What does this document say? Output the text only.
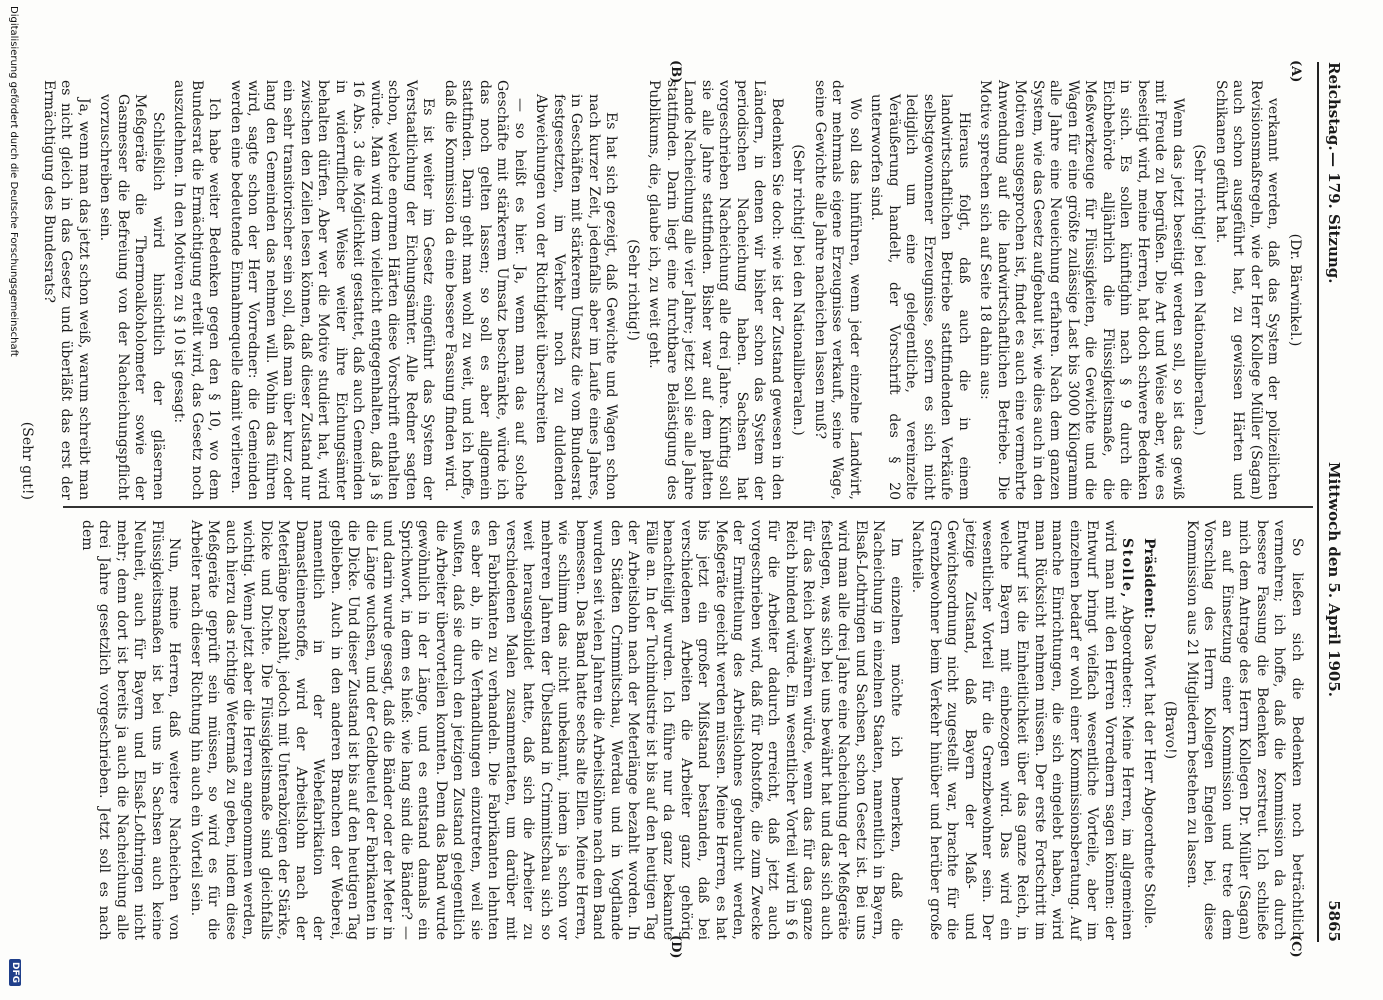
Reichstag.
— 179. Sitzung.
Mittwoch den 5. April 1905.
5865
(A)
(B)
(C)
(D)

(Dr. Bärwinkel.)

verkannt werden, daß das System der polizeilichen Revisionsmaßregeln, wie der Herr Kollege Müller (Sagan) auch schon ausgeführt hat, zu gewissen Härten und Schikanen geführt hat.

(Sehr richtig! bei den Nationalliberalen.)

Wenn das jetzt beseitigt werden soll, so ist das gewiß mit Freude zu begrüßen. Die Art und Weise aber, wie es beseitigt wird, meine Herren, hat doch schwere Bedenken in sich. Es sollen künftighin nach § 9 durch die Eichbehörde alljährlich die Flüssigkeitsmaße, die Meßwerkzeuge für Flüssigkeiten, die Gewichte und die Wagen für eine größte zulässige Last bis 3000 Kilogramm alle Jahre eine Neueichung erfahren. Nach dem ganzen System, wie das Gesetz aufgebaut ist, wie dies auch in den Motiven ausgesprochen ist, findet es auch eine vermehrte Anwendung auf die landwirtschaftlichen Betriebe. Die Motive sprechen sich auf Seite 18 dahin aus:

Hieraus folgt, daß auch die in einem landwirtschaftlichen Betriebe stattfindenden Verkäufe selbstgewonnener Erzeugnisse, sofern es sich nicht lediglich um eine gelegentliche, vereinzelte Veräußerung handelt, der Vorschrift des § 20 unterworfen sind.

Wo soll das hinführen, wenn jeder einzelne Landwirt, der mehrmals eigene Erzeugnisse verkauft, seine Wage, seine Gewichte alle Jahre nacheichen lassen muß?

(Sehr richtig! bei den Nationalliberalen.)

Bedenken Sie doch: wie ist der Zustand gewesen in den Ländern, in denen wir bisher schon das System der periodischen Nacheichung haben. Sachsen hat vorgeschrieben Nacheichung alle drei Jahre. Künftig soll sie alle Jahre stattfinden. Bisher war auf dem platten Lande Nacheichung alle vier Jahre; jetzt soll sie alle Jahre stattfinden. Darin liegt eine furchtbare Belästigung des Publikums, die, glaube ich, zu weit geht.

(Sehr richtig!)

Es hat sich gezeigt, daß Gewichte und Wagen schon nach kurzer Zeit, jedenfalls aber im Laufe eines Jahres, in Geschäften mit stärkerem Umsatz die vom Bundesrat festgesetzten, im Verkehr noch zu duldenden Abweichungen von der Richtigkeit überschreiten

— so heißt es hier. Ja, wenn man das auf solche Geschäfte mit stärkerem Umsatz beschränkte, würde ich das noch gelten lassen; so soll es aber allgemein stattfinden. Darin geht man wohl zu weit, und ich hoffe, daß die Kommission da eine bessere Fassung finden wird.

Es ist weiter im Gesetz eingeführt das System der Verstaatlichung der Eichungsämter. Alle Redner sagten schon, welche enormen Härten diese Vorschrift enthalten würde. Man wird dem vielleicht entgegenhalten, daß ja § 16 Abs. 3 die Möglichkeit gestattet, daß auch Gemeinden in widerruflicher Weise weiter ihre Eichungsämter behalten dürfen. Aber wer die Motive studiert hat, wird zwischen den Zeilen lesen können, daß dieser Zustand nur ein sehr transitorischer sein soll, daß man über kurz oder lang den Gemeinden das nehmen will. Wohin das führen wird, sagte schon der Herr Vorredner: die Gemeinden werden eine bedeutende Einnahmequelle damit verlieren.

Ich habe weiter Bedenken gegen den § 10, wo dem Bundesrat die Ermächtigung erteilt wird, das Gesetz noch auszudehnen. In den Motiven zu § 10 ist gesagt:

Schließlich wird hinsichtlich der gläsernen Meßgeräte die Thermoalkoholometer sowie der Gasmesser die Befreiung von der Nacheichungspflicht vorzuschreiben sein.

Ja, wenn man das jetzt schon weiß, warum schreibt man es nicht gleich in das Gesetz und überläßt das erst der Ermächtigung des Bundesrats?

(Sehr gut!)

So ließen sich die Bedenken noch beträchtlich vermehren; ich hoffe, daß die Kommission da durch bessere Fassung die Bedenken zerstreut. Ich schließe mich dem Antrage des Herrn Kollegen Dr. Müller (Sagan) an auf Einsetzung einer Kommission und trete dem Vorschlag des Herrn Kollegen Engelen bei, diese Kommission aus 21 Mitgliedern bestehen zu lassen.

(Bravo!)

Präsident: Das Wort hat der Herr Abgeordnete Stolle.

Stolle, Abgeordneter: Meine Herren, im allgemeinen wird man mit den Herren Vorrednern sagen können: der Entwurf bringt vielfach wesentliche Vorteile, aber im einzelnen bedarf er wohl einer Kommissionsberatung. Auf manche Einrichtungen, die sich eingelebt haben, wird man Rücksicht nehmen müssen. Der erste Fortschritt im Entwurf ist die Einheitlichkeit über das ganze Reich, in welche Bayern mit einbezogen wird. Das wird ein wesentlicher Vorteil für die Grenzbewohner sein. Der jetzige Zustand, daß Bayern der Maß- und Gewichtsordnung nicht zugestellt war, brachte für die Grenzbewohner beim Verkehr hinüber und herüber große Nachteile.

Im einzelnen möchte ich bemerken, daß die Nacheichung in einzelnen Staaten, namentlich in Bayern, Elsaß-Lothringen und Sachsen, schon Gesetz ist. Bei uns wird man alle drei Jahre eine Nacheichung der Meßgeräte festlegen, was sich bei uns bewährt hat und das sich auch für das Reich bewähren würde, wenn das für das ganze Reich bindend würde. Ein wesentlicher Vorteil wird in § 6 für die Arbeiter dadurch erreicht, daß jetzt auch vorgeschrieben wird, daß für Rohstoffe, die zum Zwecke der Ermittelung des Arbeitslohnes gebraucht werden, Meßgeräte geeicht werden müssen. Meine Herren, es hat bis jetzt ein großer Mißstand bestanden, daß bei verschiedenen Arbeiten die Arbeiter ganz gehörig benachteiligt wurden. Ich führe nur da ganz bekannte Fälle an. In der Tuchindustrie ist bis auf den heutigen Tag der Arbeitslohn nach der Meterlänge bezahlt worden. In den Städten Crimmitschau, Werdau und in Vogtlande wurden seit vielen Jahren die Arbeitslöhne nach dem Band bemessen. Das Band hatte sechs alte Ellen. Meine Herren, wie schlimm das nicht unbekannt, indem ja schon vor mehreren Jahren der Übelstand in Crimmitschau sich so weit herausgebildet hatte, daß sich die Arbeiter zu verschiedenen Malen zusammentaten, um darüber mit den Fabrikanten zu verhandeln. Die Fabrikanten lehnten es aber ab, in die Verhandlungen einzutreten, weil sie wußten, daß sie durch den jetzigen Zustand gelegentlich die Arbeiter übervorteilen konnten. Denn das Band wurde gewöhnlich in der Länge, und es entstand damals ein Sprichwort, in dem es hieß: wie lang sind die Bänder? — und darin wurde gesagt, daß die Bänder oder der Meter in die Länge wuchsen, und der Geldbeutel der Fabrikanten in die Dicke. Und dieser Zustand ist bis auf den heutigen Tag geblieben. Auch in den anderen Branchen der Weberei, namentlich in der Webefabrikation der Damastleinenstoffe, wird der Arbeitslohn nach der Meterlänge bezahlt, jedoch mit Unterabzügen der Stärke, Dicke und Dichte. Die Flüssigkeitsmaße sind gleichfalls wichtig. Wenn jetzt aber die Herren angenommen werden, auch hierzu das richtige Wetermaß zu geben, indem diese Meßgeräte geprüft sein müssen, so wird es für die Arbeiter nach dieser Richtung hin auch ein Vorteil sein.

Nun, meine Herren, daß weitere Nacheichen von Flüssigkeitsmaßen ist bei uns in Sachsen auch keine Neuheit, auch für Bayern und Elsaß-Lothringen nicht mehr; denn dort ist bereits ja auch die Nacheichung alle drei Jahre gesetzlich vorgeschrieben. Jetzt soll es nach dem

Digitalisierung gefördert durch die Deutsche Forschungsgemeinschaft
DFG
